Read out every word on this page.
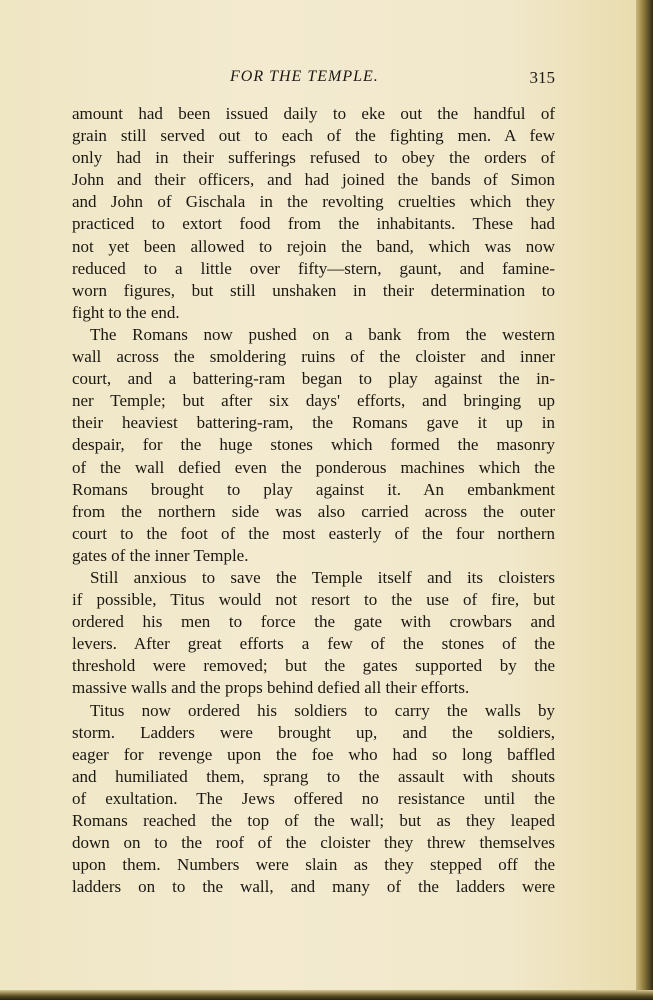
FOR THE TEMPLE.	315
amount had been issued daily to eke out the handful of
grain still served out to each of the fighting men. A few
only had in their sufferings refused to obey the orders of
John and their officers, and had joined the bands of Simon
and John of Gischala in the revolting cruelties which they
practiced to extort food from the inhabitants. These had
not yet been allowed to rejoin the band, which was now
reduced to a little over fifty—stern, gaunt, and famine-
worn figures, but still unshaken in their determination to
fight to the end.
The Romans now pushed on a bank from the western
wall across the smoldering ruins of the cloister and inner
court, and a battering-ram began to play against the in-
ner Temple; but after six days' efforts, and bringing up
their heaviest battering-ram, the Romans gave it up in
despair, for the huge stones which formed the masonry
of the wall defied even the ponderous machines which the
Romans brought to play against it. An embankment
from the northern side was also carried across the outer
court to the foot of the most easterly of the four northern
gates of the inner Temple.
Still anxious to save the Temple itself and its cloisters
if possible, Titus would not resort to the use of fire, but
ordered his men to force the gate with crowbars and
levers. After great efforts a few of the stones of the
threshold were removed; but the gates supported by the
massive walls and the props behind defied all their efforts.
Titus now ordered his soldiers to carry the walls by
storm. Ladders were brought up, and the soldiers,
eager for revenge upon the foe who had so long baffled
and humiliated them, sprang to the assault with shouts
of exultation. The Jews offered no resistance until the
Romans reached the top of the wall; but as they leaped
down on to the roof of the cloister they threw themselves
upon them. Numbers were slain as they stepped off the
ladders on to the wall, and many of the ladders were
